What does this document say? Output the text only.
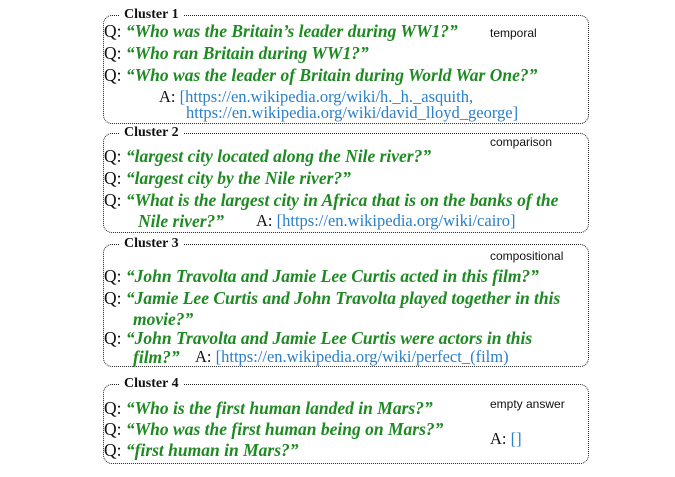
Cluster 1
temporal
Q: “Who was the Britain’s leader during WW1?”
Q: “Who ran Britain during WW1?”
Q: “Who was the leader of Britain during World War One?”
A: [https://en.wikipedia.org/wiki/h._h._asquith,
https://en.wikipedia.org/wiki/david_lloyd_george]
Cluster 2
comparison
Q: “largest city located along the Nile river?”
Q: “largest city by the Nile river?”
Q: “What is the largest city in Africa that is on the banks of the
Nile river?” A: [https://en.wikipedia.org/wiki/cairo]
Cluster 3
compositional
Q: “John Travolta and Jamie Lee Curtis acted in this film?”
Q: “Jamie Lee Curtis and John Travolta played together in this
movie?”
Q: “John Travolta and Jamie Lee Curtis were actors in this
film?” A: [https://en.wikipedia.org/wiki/perfect_(film)
Cluster 4
empty answer
Q: “Who is the first human landed in Mars?”
Q: “Who was the first human being on Mars?”
Q: “first human in Mars?”
A: []
